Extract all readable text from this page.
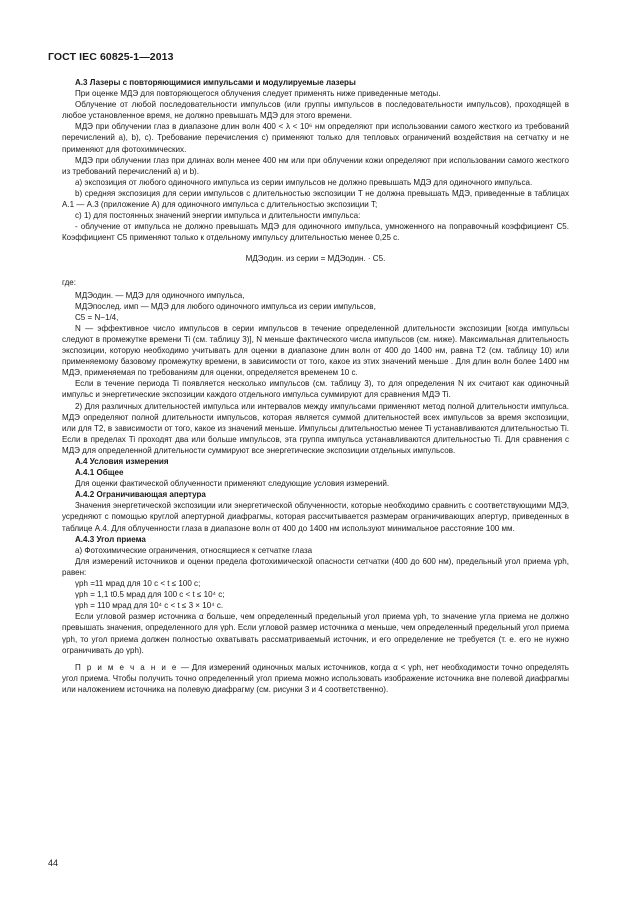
ГОСТ IEC 60825-1—2013

А.3 Лазеры с повторяющимися импульсами и модулируемые лазеры

При оценке МДЭ для повторяющегося облучения следует применять ниже приведенные методы.

Облучение от любой последовательности импульсов (или группы импульсов в последовательности импульсов), проходящей в любое установленное время, не должно превышать МДЭ для этого времени.

МДЭ при облучении глаз в диапазоне длин волн 400 < λ < 10⁶ нм определяют при использовании самого жесткого из требований перечислений а), b), с). Требование перечисления с) применяют только для тепловых ограничений воздействия на сетчатку и не применяют для фотохимических.

МДЭ при облучении глаз при длинах волн менее 400 нм или при облучении кожи определяют при использовании самого жесткого из требований перечислений а) и b).

а) экспозиция от любого одиночного импульса из серии импульсов не должно превышать МДЭ для одиночного импульса.

b) средняя экспозиция для серии импульсов с длительностью экспозиции T не должна превышать МДЭ, приведенные в таблицах А.1 — А.3 (приложение А) для одиночного импульса с длительностью экспозиции T;

с) 1) для постоянных значений энергии импульса и длительности импульса:

- облучение от импульса не должно превышать МДЭ для одиночного импульса, умноженного на поправочный коэффициент C5. Коэффициент C5 применяют только к отдельному импульсу длительностью менее 0,25 с.

МДЭодин. из серии = МДЭодин. · C5.

где:

МДЭодин. — МДЭ для одиночного импульса,

МДЭпослед. имп — МДЭ для любого одиночного импульса из серии импульсов,

C5 = N−1/4,

N — эффективное число импульсов в серии импульсов в течение определенной длительности экспозиции [когда импульсы следуют в промежутке времени Ti (см. таблицу 3)], N меньше фактического числа импульсов (см. ниже). Максимальная длительность экспозиции, которую необходимо учитывать для оценки в диапазоне длин волн от 400 до 1400 нм, равна T2 (см. таблицу 10) или применяемому базовому промежутку времени, в зависимости от того, какое из этих значений меньше . Для длин волн более 1400 нм МДЭ, применяемая по требованиям для оценки, определяется временем 10 с.

Если в течение периода Ti появляется несколько импульсов (см. таблицу 3), то для определения N их считают как одиночный импульс и энергетические экспозиции каждого отдельного импульса суммируют для сравнения МДЭ Ti.

2) Для различных длительностей импульса или интервалов между импульсами применяют метод полной длительности импульса. МДЭ определяют полной длительности импульсов, которая является суммой длительностей всех импульсов за время экспозиции, или для T2, в зависимости от того, какое из значений меньше. Импульсы длительностью менее Ti устанавливаются длительностью Ti. Если в пределах Ti проходят два или больше импульсов, эта группа импульса устанавливаются длительностью Ti. Для сравнения с МДЭ для определенной длительности суммируют все энергетические экспозиции отдельных импульсов.

А.4 Условия измерения

А.4.1 Общее

Для оценки фактической облученности применяют следующие условия измерений.

А.4.2 Ограничивающая апертура

Значения энергетической экспозиции или энергетической облученности, которые необходимо сравнить с соответствующими МДЭ, усредняют с помощью круглой апертурной диафрагмы, которая рассчитывается размерам ограничивающих апертур, приведенных в таблице А.4. Для облученности глаза в диапазоне волн от 400 до 1400 нм используют минимальное расстояние 100 мм.

А.4.3 Угол приема

а) Фотохимические ограничения, относящиеся к сетчатке глаза

Для измерений источников и оценки предела фотохимической опасности сетчатки (400 до 600 нм), предельный угол приема γph, равен:

γph =11 мрад для 10 с < t ≤ 100 с;

γph = 1,1 t0.5 мрад для 100 с < t ≤ 10⁴ с;

γph = 110 мрад для 10⁴ с < t ≤ 3 × 10⁴ с.

Если угловой размер источника α больше, чем определенный предельный угол приема γph, то значение угла приема не должно превышать значения, определенного для γph. Если угловой размер источника α меньше, чем определенный предельный угол приема γph, то угол приема должен полностью охватывать рассматриваемый источник, и его определение не требуется (т. е. его не нужно ограничивать до γph).

П р и м е ч а н и е — Для измерений одиночных малых источников, когда α < γph, нет необходимости точно определять угол приема. Чтобы получить точно определенный угол приема можно использовать изображение источника вне полевой диафрагмы или наложением источника на полевую диафрагму (см. рисунки 3 и 4 соответственно).

44
